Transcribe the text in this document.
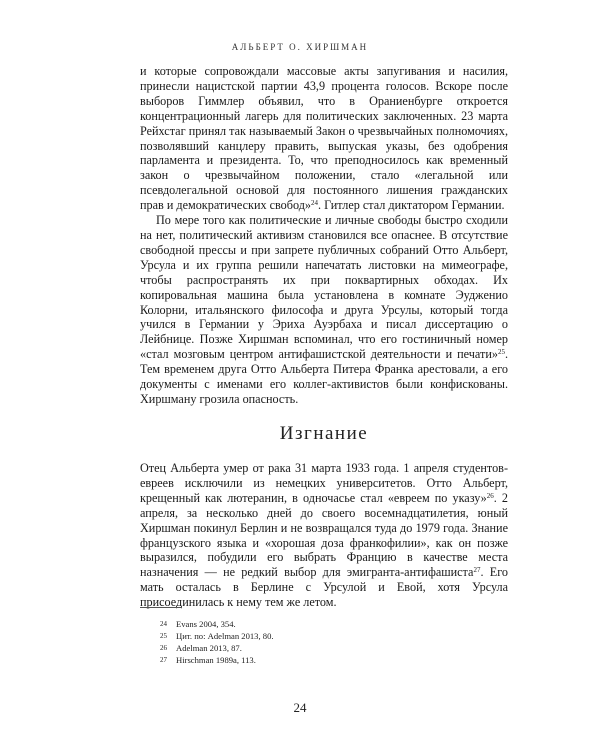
АЛЬБЕРТ О. ХИРШМАН

и которые сопровождали массовые акты запугивания и насилия, принесли нацистской партии 43,9 процента голосов. Вскоре после выборов Гиммлер объявил, что в Ораниенбурге откроется концентрационный лагерь для политических заключенных. 23 марта Рейхстаг принял так называемый Закон о чрезвычайных полномочиях, позволявший канцлеру править, выпуская указы, без одобрения парламента и президента. То, что преподносилось как временный закон о чрезвычайном положении, стало «легальной или псевдолегальной основой для постоянного лишения гражданских прав и демократических свобод»$^{24}$. Гитлер стал диктатором Германии.

По мере того как политические и личные свободы быстро сходили на нет, политический активизм становился все опаснее. В отсутствие свободной прессы и при запрете публичных собраний Отто Альберт, Урсула и их группа решили напечатать листовки на мимеографе, чтобы распространять их при поквартирных обходах. Их копировальная машина была установлена в комнате Эудженио Колорни, итальянского философа и друга Урсулы, который тогда учился в Германии у Эриха Ауэрбаха и писал диссертацию о Лейбнице. Позже Хиршман вспоминал, что его гостиничный номер «стал мозговым центром антифашистской деятельности и печати»$^{25}$. Тем временем друга Отто Альберта Питера Франка арестовали, а его документы с именами его коллег-активистов были конфискованы. Хиршману грозила опасность.

Изгнание

Отец Альберта умер от рака 31 марта 1933 года. 1 апреля студентов-евреев исключили из немецких университетов. Отто Альберт, крещенный как лютеранин, в одночасье стал «евреем по указу»$^{26}$. 2 апреля, за несколько дней до своего восемнадцатилетия, юный Хиршман покинул Берлин и не возвращался туда до 1979 года. Знание французского языка и «хорошая доза франкофилии», как он позже выразился, побудили его выбрать Францию в качестве места назначения — не редкий выбор для эмигранта-антифашиста$^{27}$. Его мать осталась в Берлине с Урсулой и Евой, хотя Урсула присоединилась к нему тем же летом.

24	Evans 2004, 354.
25	Цит. по: Adelman 2013, 80.
26	Adelman 2013, 87.
27	Hirschman 1989a, 113.
24
